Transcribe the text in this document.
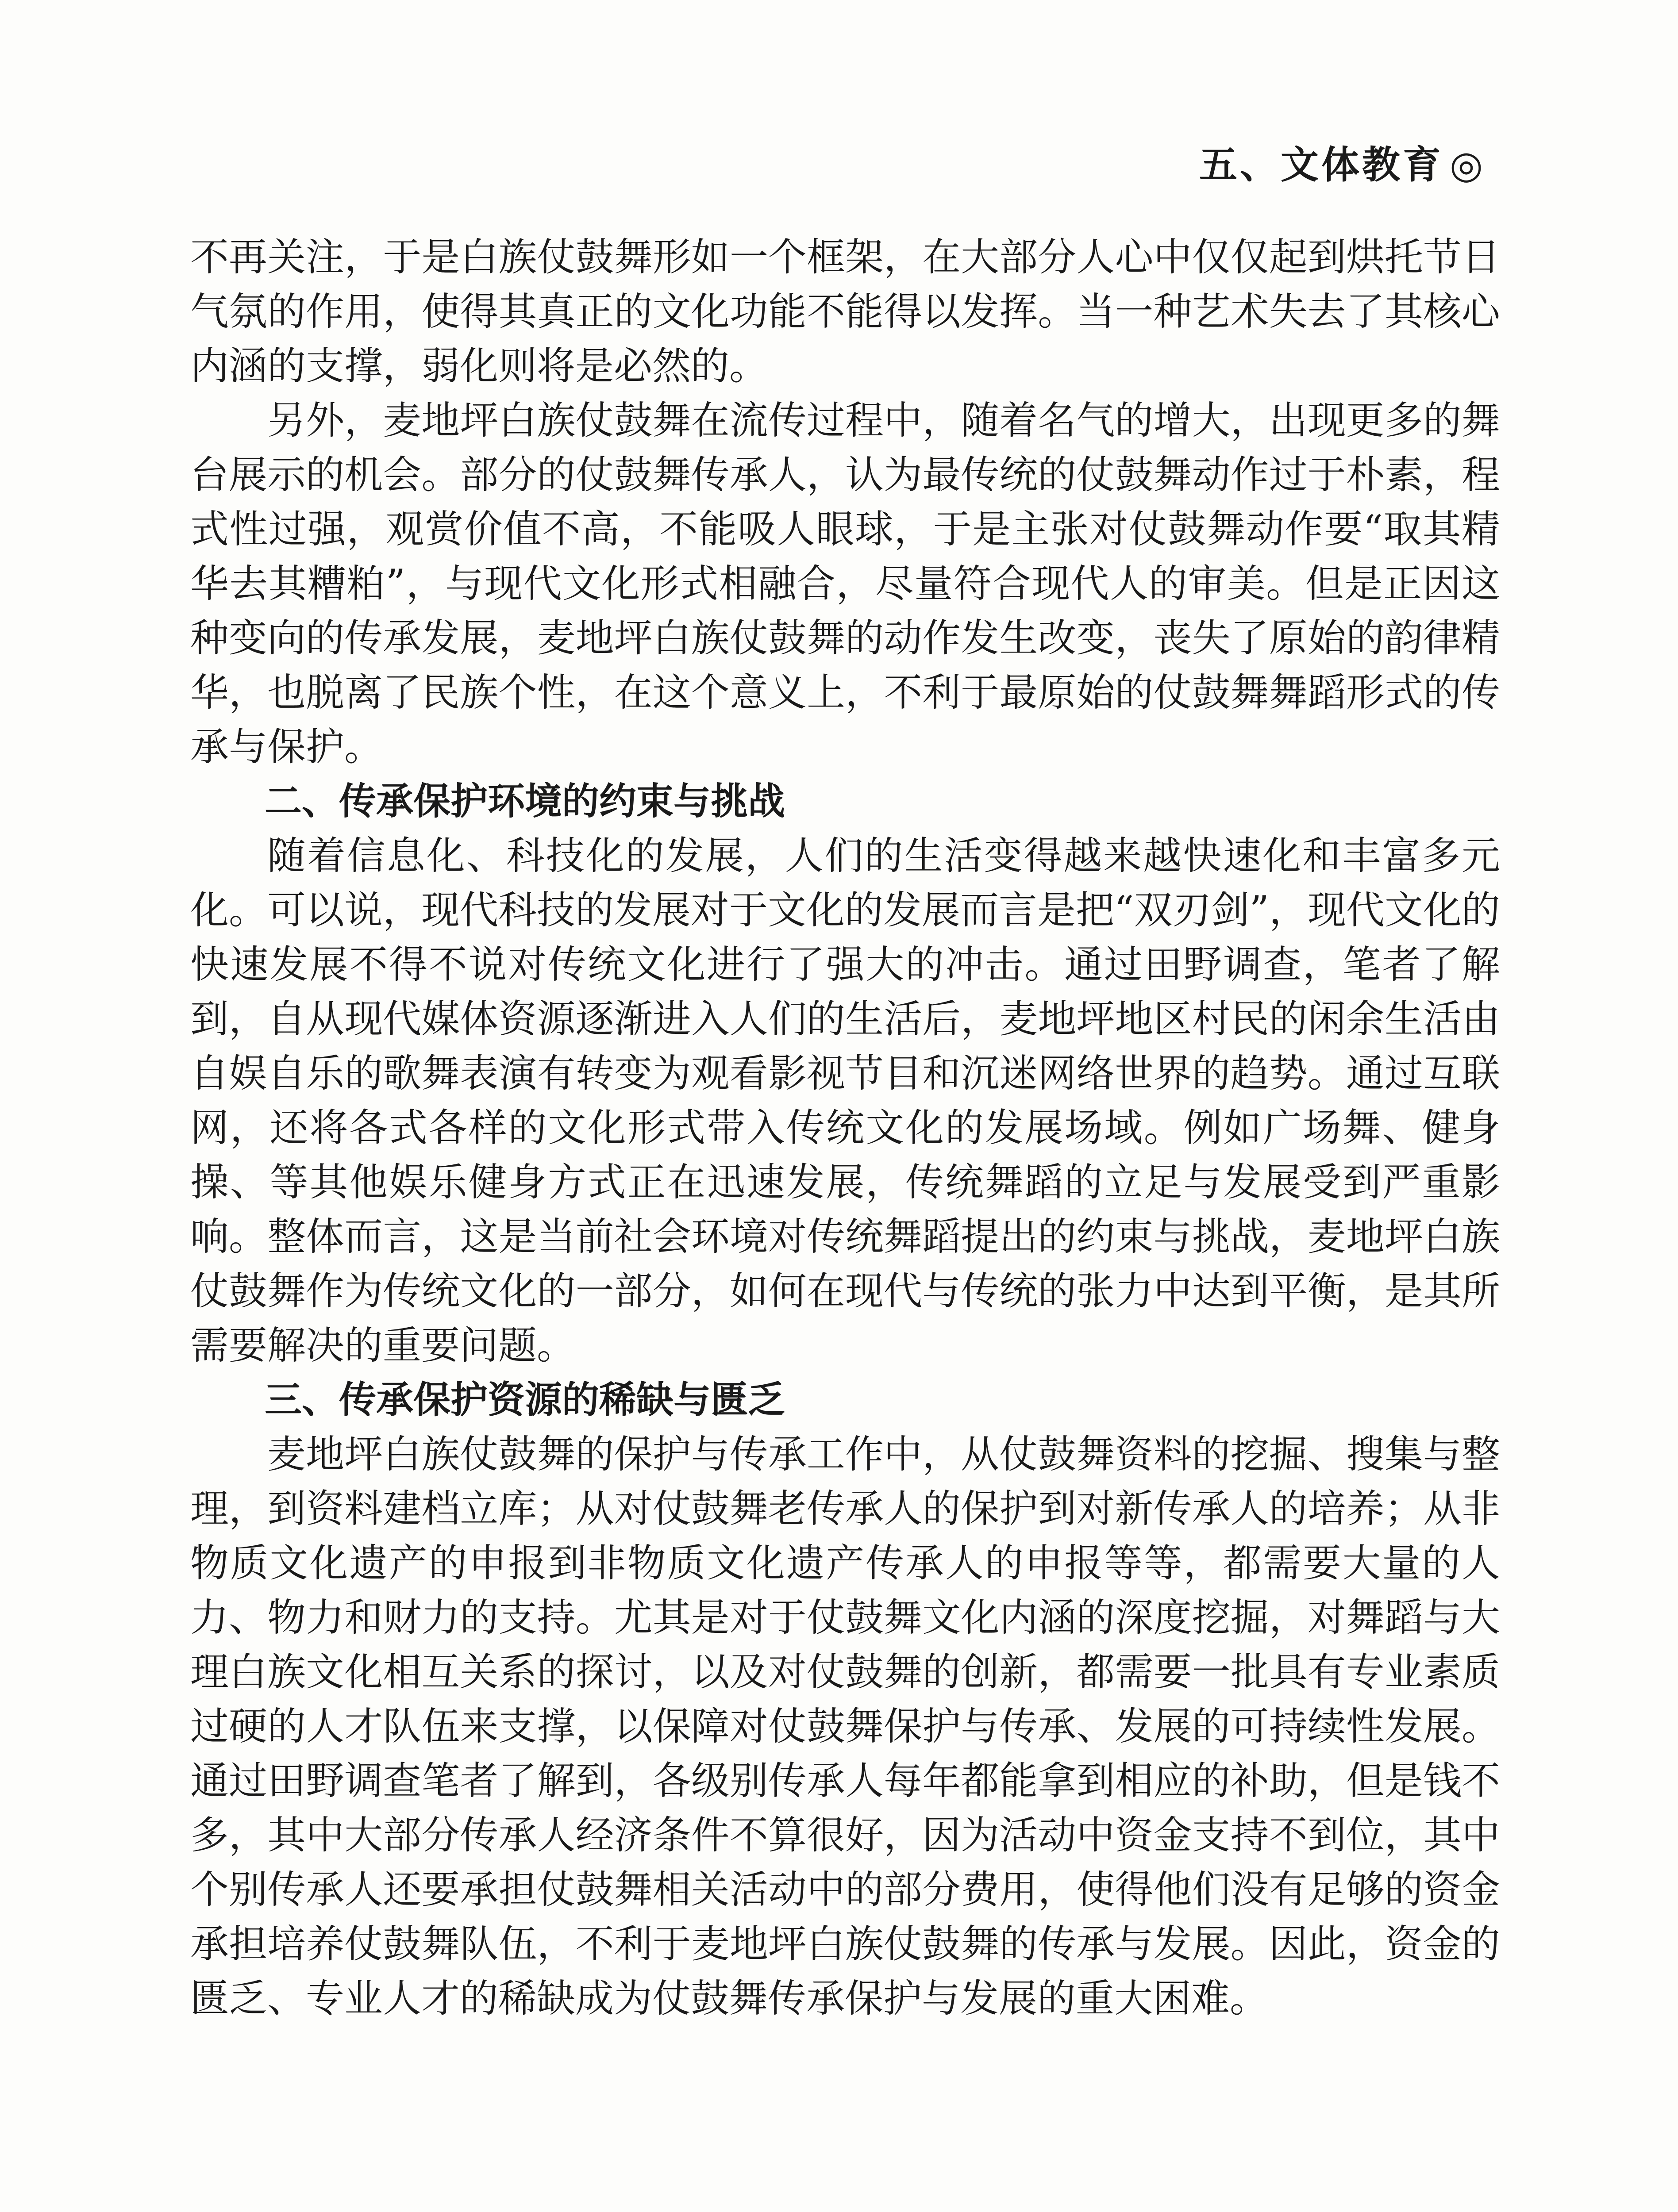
五、文体教育 ◎

不再关注，于是白族仗鼓舞形如一个框架，在大部分人心中仅仅起到烘托节日气氛的作用，使得其真正的文化功能不能得以发挥。当一种艺术失去了其核心内涵的支撑，弱化则将是必然的。

另外，麦地坪白族仗鼓舞在流传过程中，随着名气的增大，出现更多的舞台展示的机会。部分的仗鼓舞传承人，认为最传统的仗鼓舞动作过于朴素，程式性过强，观赏价值不高，不能吸人眼球，于是主张对仗鼓舞动作要“取其精华去其糟粕”，与现代文化形式相融合，尽量符合现代人的审美。但是正因这种变向的传承发展，麦地坪白族仗鼓舞的动作发生改变，丧失了原始的韵律精华，也脱离了民族个性，在这个意义上，不利于最原始的仗鼓舞舞蹈形式的传承与保护。

二、传承保护环境的约束与挑战

随着信息化、科技化的发展，人们的生活变得越来越快速化和丰富多元化。可以说，现代科技的发展对于文化的发展而言是把“双刃剑”，现代文化的快速发展不得不说对传统文化进行了强大的冲击。通过田野调查，笔者了解到，自从现代媒体资源逐渐进入人们的生活后，麦地坪地区村民的闲余生活由自娱自乐的歌舞表演有转变为观看影视节目和沉迷网络世界的趋势。通过互联网，还将各式各样的文化形式带入传统文化的发展场域。例如广场舞、健身操、等其他娱乐健身方式正在迅速发展，传统舞蹈的立足与发展受到严重影响。整体而言，这是当前社会环境对传统舞蹈提出的约束与挑战，麦地坪白族仗鼓舞作为传统文化的一部分，如何在现代与传统的张力中达到平衡，是其所需要解决的重要问题。

三、传承保护资源的稀缺与匮乏

麦地坪白族仗鼓舞的保护与传承工作中，从仗鼓舞资料的挖掘、搜集与整理，到资料建档立库；从对仗鼓舞老传承人的保护到对新传承人的培养；从非物质文化遗产的申报到非物质文化遗产传承人的申报等等，都需要大量的人力、物力和财力的支持。尤其是对于仗鼓舞文化内涵的深度挖掘，对舞蹈与大理白族文化相互关系的探讨，以及对仗鼓舞的创新，都需要一批具有专业素质过硬的人才队伍来支撑，以保障对仗鼓舞保护与传承、发展的可持续性发展。通过田野调查笔者了解到，各级别传承人每年都能拿到相应的补助，但是钱不多，其中大部分传承人经济条件不算很好，因为活动中资金支持不到位，其中个别传承人还要承担仗鼓舞相关活动中的部分费用，使得他们没有足够的资金承担培养仗鼓舞队伍，不利于麦地坪白族仗鼓舞的传承与发展。因此，资金的匮乏、专业人才的稀缺成为仗鼓舞传承保护与发展的重大困难。
